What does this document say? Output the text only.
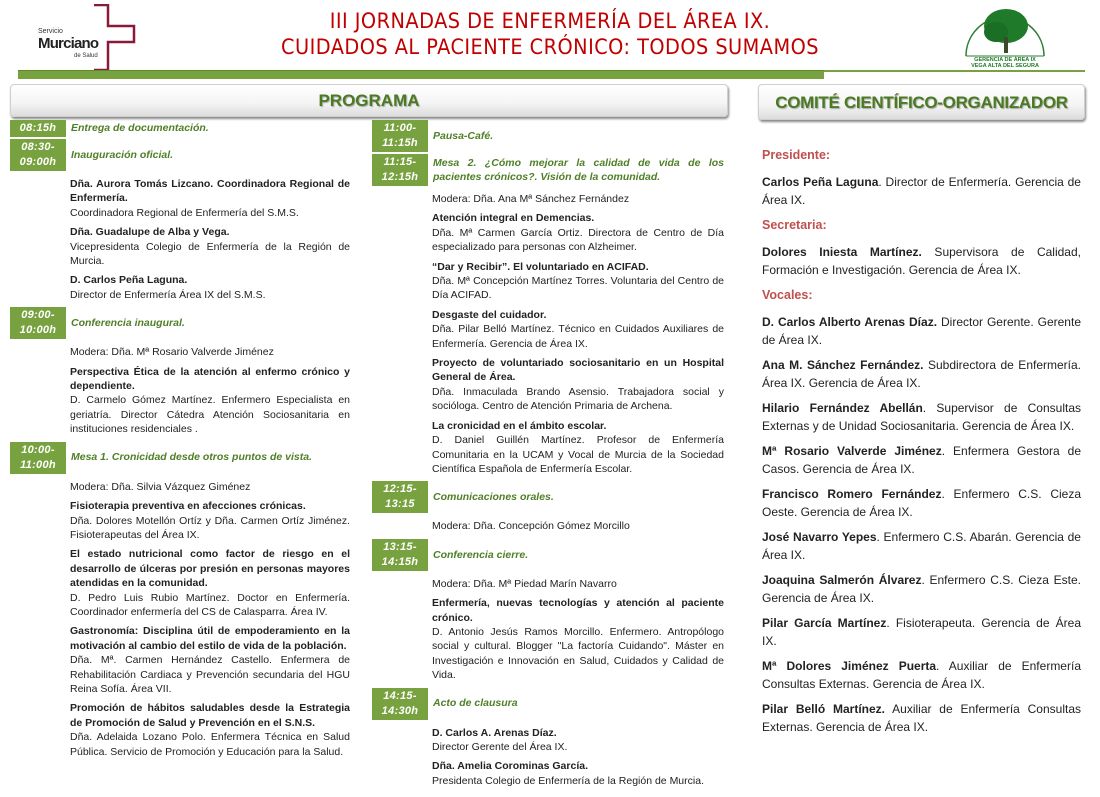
Servicio
Murciano
de Salud
III JORNADAS DE ENFERMERÍA DEL ÁREA IX.
CUIDADOS AL PACIENTE CRÓNICO: TODOS SUMAMOS
GERENCIA DE ÁREA IX
VEGA ALTA DEL SEGURA
PROGRAMA	COMITÉ CIENTÍFICO-ORGANIZADOR
08:15h	Entrega de documentación.
08:30-09:00h
Inauguración oficial.
Dña. Aurora Tomás Lizcano. Coordinadora Regional de Enfermería.
Coordinadora Regional de Enfermería del S.M.S.
Dña. Guadalupe de Alba y Vega.
Vicepresidenta Colegio de Enfermería de la Región de Murcia.
D. Carlos Peña Laguna.
Director de Enfermería Área IX del S.M.S.
09:00-10:00h
Conferencia inaugural.
Modera: Dña. Mª Rosario Valverde Jiménez
Perspectiva Ética de la atención al enfermo crónico y dependiente.
D. Carmelo Gómez Martínez. Enfermero Especialista en geriatría. Director Cátedra Atención Sociosanitaria en instituciones residenciales .
10:00-11:00h
Mesa 1. Cronicidad desde otros puntos de vista.
Modera: Dña. Silvia Vázquez Giménez
Fisioterapia preventiva en afecciones crónicas.
Dña. Dolores Motellón Ortíz y Dña. Carmen Ortíz Jiménez. Fisioterapeutas del Área IX.
El estado nutricional como factor de riesgo en el desarrollo de úlceras por presión en personas mayores atendidas en la comunidad.
D. Pedro Luis Rubio Martínez. Doctor en Enfermería. Coordinador enfermería del CS de Calasparra. Área IV.
Gastronomía: Disciplina útil de empoderamiento en la motivación al cambio del estilo de vida de la población.
Dña. Mª. Carmen Hernández Castello. Enfermera de Rehabilitación Cardiaca y Prevención secundaria del HGU Reina Sofía. Área VII.
Promoción de hábitos saludables desde la Estrategia de Promoción de Salud y Prevención en el S.N.S.
Dña. Adelaida Lozano Polo. Enfermera Técnica en Salud Pública. Servicio de Promoción y Educación para la Salud.
11:00-11:15h
Pausa-Café.
11:15-12:15h
Mesa 2. ¿Cómo mejorar la calidad de vida de los pacientes crónicos?. Visión de la comunidad.
Modera: Dña. Ana Mª Sánchez Fernández
Atención integral en Demencias.
Dña. Mª Carmen García Ortiz. Directora de Centro de Día especializado para personas con Alzheimer.
“Dar y Recibir”. El voluntariado en ACIFAD.
Dña. Mª Concepción Martínez Torres. Voluntaria del Centro de Día ACIFAD.
Desgaste del cuidador.
Dña. Pilar Belló Martínez. Técnico en Cuidados Auxiliares de Enfermería. Gerencia de Área IX.
Proyecto de voluntariado sociosanitario en un Hospital General de Área.
Dña. Inmaculada Brando Asensio. Trabajadora social y socióloga. Centro de Atención Primaria de Archena.
La cronicidad en el ámbito escolar.
D. Daniel Guillén Martínez. Profesor de Enfermería Comunitaria en la UCAM y Vocal de Murcia de la Sociedad Científica Española de Enfermería Escolar.
12:15-13:15
Comunicaciones orales.
Modera: Dña. Concepción Gómez Morcillo
13:15-14:15h
Conferencia cierre.
Modera: Dña. Mª Piedad Marín Navarro
Enfermería, nuevas tecnologías y atención al paciente crónico.
D. Antonio Jesús Ramos Morcillo. Enfermero. Antropólogo social y cultural. Blogger "La factoría Cuidando". Máster en Investigación e Innovación en Salud, Cuidados y Calidad de Vida.
14:15-14:30h
Acto de clausura
D. Carlos A. Arenas Díaz.
Director Gerente del Área IX.
Dña. Amelia Corominas García.
Presidenta Colegio de Enfermería de la Región de Murcia.
Presidente:
Carlos Peña Laguna. Director de Enfermería. Gerencia de Área IX.
Secretaria:
Dolores Iniesta Martínez. Supervisora de Calidad, Formación e Investigación. Gerencia de Área IX.
Vocales:
D. Carlos Alberto Arenas Díaz. Director Gerente. Gerente de Área IX.
Ana M. Sánchez Fernández. Subdirectora de Enfermería. Área IX. Gerencia de Área IX.
Hilario Fernández Abellán. Supervisor de Consultas Externas y de Unidad Sociosanitaria. Gerencia de Área IX.
Mª Rosario Valverde Jiménez. Enfermera Gestora de Casos. Gerencia de Área IX.
Francisco Romero Fernández. Enfermero C.S. Cieza Oeste. Gerencia de Área IX.
José Navarro Yepes. Enfermero C.S. Abarán. Gerencia de Área IX.
Joaquina Salmerón Álvarez. Enfermero C.S. Cieza Este. Gerencia de Área IX.
Pilar García Martínez. Fisioterapeuta. Gerencia de Área IX.
Mª Dolores Jiménez Puerta. Auxiliar de Enfermería Consultas Externas. Gerencia de Área IX.
Pilar Belló Martínez. Auxiliar de Enfermería Consultas Externas. Gerencia de Área IX.
